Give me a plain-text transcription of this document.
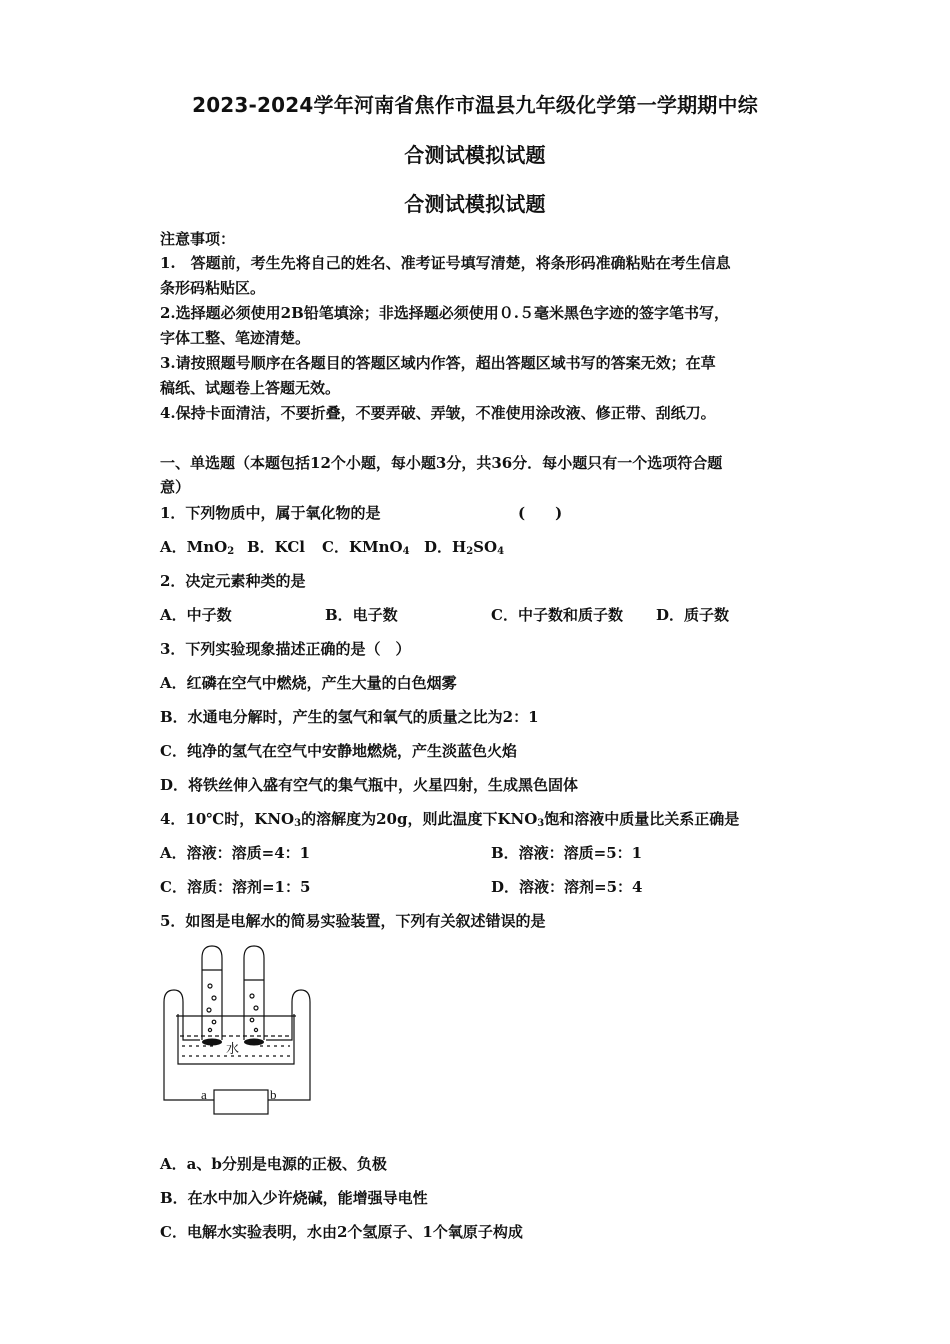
2023-2024学年河南省焦作市温县九年级化学第一学期期中综
合测试模拟试题
合测试模拟试题
注意事项：
1.　答题前，考生先将自己的姓名、准考证号填写清楚，将条形码准确粘贴在考生信息
条形码粘贴区。
2.选择题必须使用2B铅笔填涂；非选择题必须使用０.５毫米黑色字迹的签字笔书写，
字体工整、笔迹清楚。
3.请按照题号顺序在各题目的答题区域内作答，超出答题区域书写的答案无效；在草
稿纸、试题卷上答题无效。
4.保持卡面清洁，不要折叠，不要弄破、弄皱，不准使用涂改液、修正带、刮纸刀。
一、单选题（本题包括12个小题，每小题3分，共36分．每小题只有一个选项符合题
意）
1．下列物质中，属于氧化物的是	(　　)
A．MnO$_2$ B．KCl C．KMnO$_4$ D．$H_2SO_4$
2．决定元素种类的是
A．中子数	B．电子数	C．中子数和质子数 D．质子数
3．下列实验现象描述正确的是（　）
A．红磷在空气中燃烧，产生大量的白色烟雾
B．水通电分解时，产生的氢气和氧气的质量之比为2：1
C．纯净的氢气在空气中安静地燃烧，产生淡蓝色火焰
D．将铁丝伸入盛有空气的集气瓶中，火星四射，生成黑色固体
4．10℃时，$KNO_3$的溶解度为20g，则此温度下$KNO_3$饱和溶液中质量比关系正确是
A．溶液：溶质=4：1	B．溶液：溶质=5：1
C．溶质：溶剂=1：5	D．溶液：溶剂=5：4
5．如图是电解水的简易实验装置，下列有关叙述错误的是
水
a	b
A．a、b分别是电源的正极、负极
B．在水中加入少许烧碱，能增强导电性
C．电解水实验表明，水由2个氢原子、1个氧原子构成
